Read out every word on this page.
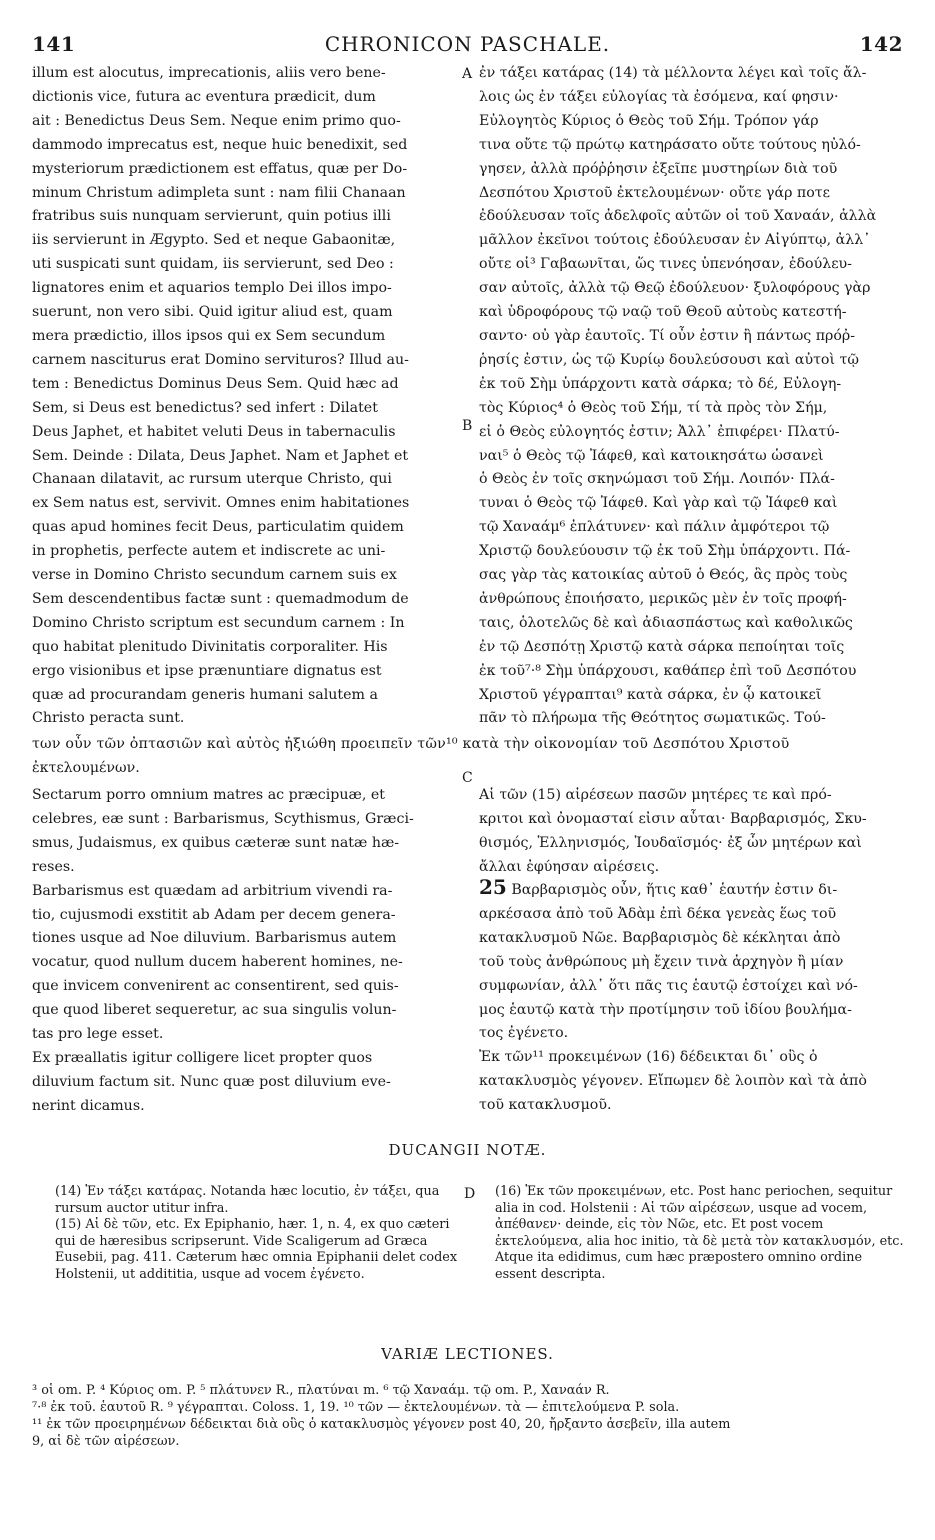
141	CHRONICON PASCHALE.	142
A
B
C
D
illum est alocutus, imprecationis, aliis vero bene-
dictionis vice, futura ac eventura prædicit, dum
ait : Benedictus Deus Sem. Neque enim primo quo-
dammodo imprecatus est, neque huic benedixit, sed
mysteriorum prædictionem est effatus, quæ per Do-
minum Christum adimpleta sunt : nam filii Chanaan
fratribus suis nunquam servierunt, quin potius illi
iis servierunt in Ægypto. Sed et neque Gabaonitæ,
uti suspicati sunt quidam, iis servierunt, sed Deo :
lignatores enim et aquarios templo Dei illos impo-
suerunt, non vero sibi. Quid igitur aliud est, quam
mera prædictio, illos ipsos qui ex Sem secundum
carnem nasciturus erat Domino servituros? Illud au-
tem : Benedictus Dominus Deus Sem. Quid hæc ad
Sem, si Deus est benedictus? sed infert : Dilatet
Deus Japhet, et habitet veluti Deus in tabernaculis
Sem. Deinde : Dilata, Deus Japhet. Nam et Japhet et
Chanaan dilatavit, ac rursum uterque Christo, qui
ex Sem natus est, servivit. Omnes enim habitationes
quas apud homines fecit Deus, particulatim quidem
in prophetis, perfecte autem et indiscrete ac uni-
verse in Domino Christo secundum carnem suis ex
Sem descendentibus factæ sunt : quemadmodum de
Domino Christo scriptum est secundum carnem : In
quo habitat plenitudo Divinitatis corporaliter. His
ergo visionibus et ipse prænuntiare dignatus est
quæ ad procurandam generis humani salutem a
Christo peracta sunt.
ἐν τάξει κατάρας (14) τὰ μέλλοντα λέγει καὶ τοῖς ἄλ-
λοις ὡς ἐν τάξει εὐλογίας τὰ ἐσόμενα, καί φησιν·
Εὐλογητὸς Κύριος ὁ Θεὸς τοῦ Σήμ. Τρόπον γάρ
τινα οὔτε τῷ πρώτῳ κατηράσατο οὔτε τούτους ηὐλό-
γησεν, ἀλλὰ πρόῤῥησιν ἐξεῖπε μυστηρίων διὰ τοῦ
Δεσπότου Χριστοῦ ἐκτελουμένων· οὔτε γάρ ποτε
ἐδούλευσαν τοῖς ἀδελφοῖς αὐτῶν οἱ τοῦ Χαναάν, ἀλλὰ
μᾶλλον ἐκεῖνοι τούτοις ἐδούλευσαν ἐν Αἰγύπτῳ, ἀλλ᾽
οὔτε οἱ³ Γαβαωνῖται, ὥς τινες ὑπενόησαν, ἐδούλευ-
σαν αὐτοῖς, ἀλλὰ τῷ Θεῷ ἐδούλευον· ξυλοφόρους γὰρ
καὶ ὑδροφόρους τῷ ναῷ τοῦ Θεοῦ αὐτοὺς κατεστή-
σαντο· οὐ γὰρ ἑαυτοῖς. Τί οὖν ἐστιν ἢ πάντως πρόῤ-
ῥησίς ἐστιν, ὡς τῷ Κυρίῳ δουλεύσουσι καὶ αὐτοὶ τῷ
ἐκ τοῦ Σὴμ ὑπάρχοντι κατὰ σάρκα; τὸ δέ, Εὐλογη-
τὸς Κύριος⁴ ὁ Θεὸς τοῦ Σήμ, τί τὰ πρὸς τὸν Σήμ,
εἰ ὁ Θεὸς εὐλογητός ἐστιν; Ἀλλ᾽ ἐπιφέρει· Πλατύ-
ναι⁵ ὁ Θεὸς τῷ Ἰάφεθ, καὶ κατοικησάτω ὡσανεὶ
ὁ Θεὸς ἐν τοῖς σκηνώμασι τοῦ Σήμ. Λοιπόν· Πλά-
τυναι ὁ Θεὸς τῷ Ἰάφεθ. Καὶ γὰρ καὶ τῷ Ἰάφεθ καὶ
τῷ Χαναάμ⁶ ἐπλάτυνεν· καὶ πάλιν ἀμφότεροι τῷ
Χριστῷ δουλεύουσιν τῷ ἐκ τοῦ Σὴμ ὑπάρχοντι. Πά-
σας γὰρ τὰς κατοικίας αὐτοῦ ὁ Θεός, ἃς πρὸς τοὺς
ἀνθρώπους ἐποιήσατο, μερικῶς μὲν ἐν τοῖς προφή-
ταις, ὁλοτελῶς δὲ καὶ ἀδιασπάστως καὶ καθολικῶς
ἐν τῷ Δεσπότῃ Χριστῷ κατὰ σάρκα πεποίηται τοῖς
ἐκ τοῦ⁷·⁸ Σὴμ ὑπάρχουσι, καθάπερ ἐπὶ τοῦ Δεσπότου
Χριστοῦ γέγραπται⁹ κατὰ σάρκα, ἐν ᾧ κατοικεῖ
πᾶν τὸ πλήρωμα τῆς Θεότητος σωματικῶς. Τού-
των οὖν τῶν ὀπτασιῶν καὶ αὐτὸς ἠξιώθη προειπεῖν τῶν¹⁰ κατὰ τὴν οἰκονομίαν τοῦ Δεσπότου Χριστοῦ
ἐκτελουμένων.
Sectarum porro omnium matres ac præcipuæ, et
celebres, eæ sunt : Barbarismus, Scythismus, Græci-
smus, Judaismus, ex quibus cæteræ sunt natæ hæ-
reses.
Barbarismus est quædam ad arbitrium vivendi ra-
tio, cujusmodi exstitit ab Adam per decem genera-
tiones usque ad Noe diluvium. Barbarismus autem
vocatur, quod nullum ducem haberent homines, ne-
que invicem convenirent ac consentirent, sed quis-
que quod liberet sequeretur, ac sua singulis volun-
tas pro lege esset.
Ex præallatis igitur colligere licet propter quos
diluvium factum sit. Nunc quæ post diluvium eve-
nerint dicamus.
Αἱ τῶν (15) αἱρέσεων πασῶν μητέρες τε καὶ πρό-
κριτοι καὶ ὀνομασταί εἰσιν αὗται· Βαρβαρισμός, Σκυ-
θισμός, Ἑλληνισμός, Ἰουδαϊσμός· ἐξ ὧν μητέρων καὶ
ἄλλαι ἐφύησαν αἱρέσεις.
25 Βαρβαρισμὸς οὖν, ἥτις καθ᾽ ἑαυτήν ἐστιν δι-
αρκέσασα ἀπὸ τοῦ Ἀδὰμ ἐπὶ δέκα γενεὰς ἕως τοῦ
κατακλυσμοῦ Νῶε. Βαρβαρισμὸς δὲ κέκληται ἀπὸ
τοῦ τοὺς ἀνθρώπους μὴ ἔχειν τινὰ ἀρχηγὸν ἢ μίαν
συμφωνίαν, ἀλλ᾽ ὅτι πᾶς τις ἑαυτῷ ἐστοίχει καὶ νό-
μος ἑαυτῷ κατὰ τὴν προτίμησιν τοῦ ἰδίου βουλήμα-
τος ἐγένετο.
Ἐκ τῶν¹¹ προκειμένων (16) δέδεικται δι᾽ οὓς ὁ
κατακλυσμὸς γέγονεν. Εἴπωμεν δὲ λοιπὸν καὶ τὰ ἀπὸ
τοῦ κατακλυσμοῦ.
DUCANGII NOTÆ.

(14) Ἐν τάξει κατάρας. Notanda hæc locutio, ἐν τάξει, qua rursum auctor utitur infra.

(15) Αἱ δὲ τῶν, etc. Ex Epiphanio, hær. 1, n. 4, ex quo cæteri qui de hæresibus scripserunt. Vide Scaligerum ad Græca Eusebii, pag. 411. Cæterum hæc omnia Epiphanii delet codex Holstenii, ut addititia, usque ad vocem ἐγένετο.

(16) Ἐκ τῶν προκειμένων, etc. Post hanc periochen, sequitur alia in cod. Holstenii : Αἱ τῶν αἱρέσεων, usque ad vocem, ἀπέθανεν· deinde, εἰς τὸν Νῶε, etc. Et post vocem ἐκτελούμενα, alia hoc initio, τὰ δὲ μετὰ τὸν κατακλυσμόν, etc. Atque ita edidimus, cum hæc præpostero omnino ordine essent descripta.

VARIÆ LECTIONES.

³ οἱ om. P. ⁴ Κύριος om. P. ⁵ πλάτυνεν R., πλατύναι m. ⁶ τῷ Χαναάμ. τῷ om. P., Χαναάν R.

⁷·⁸ ἐκ τοῦ. ἑαυτοῦ R. ⁹ γέγραπται. Coloss. 1, 19. ¹⁰ τῶν — ἐκτελουμένων. τὰ — ἐπιτελούμενα P. sola.

¹¹ ἐκ τῶν προειρημένων δέδεικται διὰ οὓς ὁ κατακλυσμὸς γέγονεν post 40, 20, ἤρξαντο ἀσεβεῖν, illa autem

9, αἱ δὲ τῶν αἱρέσεων.
